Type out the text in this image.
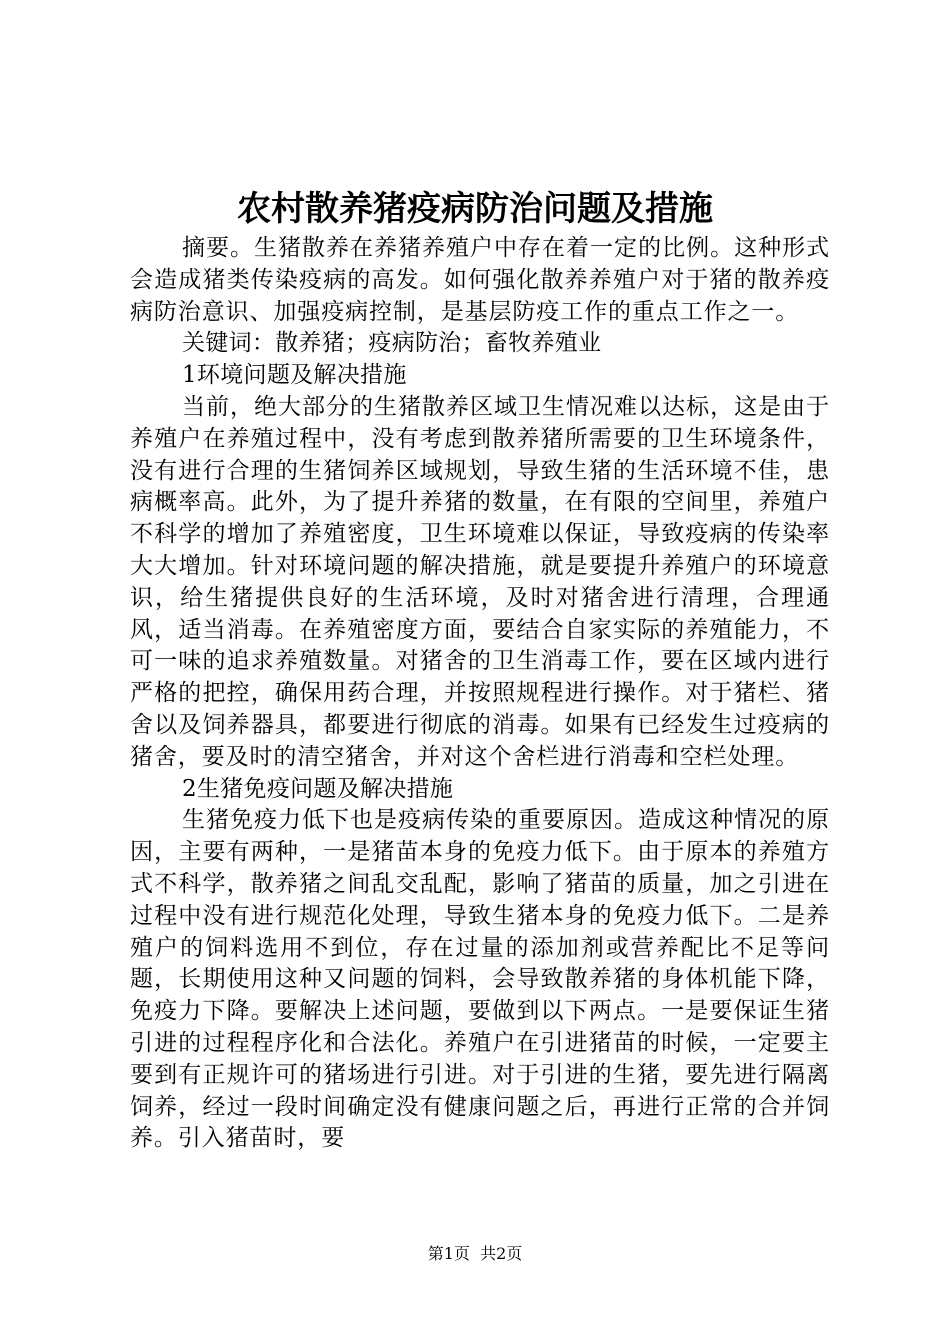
农村散养猪疫病防治问题及措施

摘要。生猪散养在养猪养殖户中存在着一定的比例。这种形式会造成猪类传染疫病的高发。如何强化散养养殖户对于猪的散养疫病防治意识、加强疫病控制，是基层防疫工作的重点工作之一。

关键词：散养猪；疫病防治；畜牧养殖业

1环境问题及解决措施

当前，绝大部分的生猪散养区域卫生情况难以达标，这是由于养殖户在养殖过程中，没有考虑到散养猪所需要的卫生环境条件，没有进行合理的生猪饲养区域规划，导致生猪的生活环境不佳，患病概率高。此外，为了提升养猪的数量，在有限的空间里，养殖户不科学的增加了养殖密度，卫生环境难以保证，导致疫病的传染率大大增加。针对环境问题的解决措施，就是要提升养殖户的环境意识，给生猪提供良好的生活环境，及时对猪舍进行清理，合理通风，适当消毒。在养殖密度方面，要结合自家实际的养殖能力，不可一味的追求养殖数量。对猪舍的卫生消毒工作，要在区域内进行严格的把控，确保用药合理，并按照规程进行操作。对于猪栏、猪舍以及饲养器具，都要进行彻底的消毒。如果有已经发生过疫病的猪舍，要及时的清空猪舍，并对这个舍栏进行消毒和空栏处理。

2生猪免疫问题及解决措施

生猪免疫力低下也是疫病传染的重要原因。造成这种情况的原因，主要有两种，一是猪苗本身的免疫力低下。由于原本的养殖方式不科学，散养猪之间乱交乱配，影响了猪苗的质量，加之引进在过程中没有进行规范化处理，导致生猪本身的免疫力低下。二是养殖户的饲料选用不到位，存在过量的添加剂或营养配比不足等问题，长期使用这种又问题的饲料，会导致散养猪的身体机能下降，免疫力下降。要解决上述问题，要做到以下两点。一是要保证生猪引进的过程程序化和合法化。养殖户在引进猪苗的时候，一定要主要到有正规许可的猪场进行引进。对于引进的生猪，要先进行隔离饲养，经过一段时间确定没有健康问题之后，再进行正常的合并饲养。引入猪苗时，要

第1页 共2页
